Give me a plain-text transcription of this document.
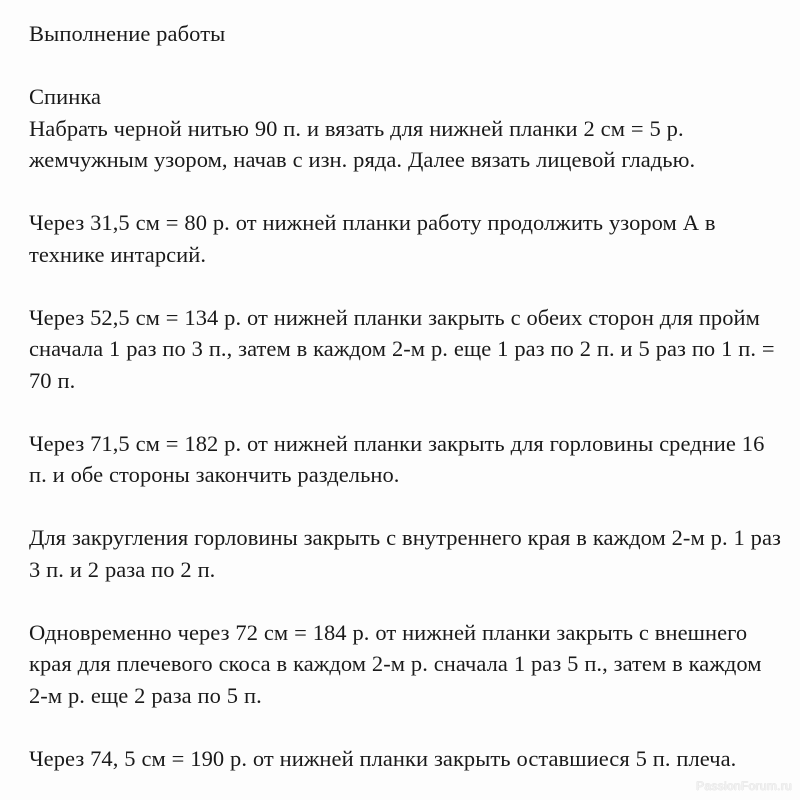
Выполнение работы

Спинка

Набрать черной нитью 90 п. и вязать для нижней планки 2 см = 5 р. жемчужным узором, начав с изн. ряда. Далее вязать лицевой гладью.

Через 31,5 см = 80 р. от нижней планки работу продолжить узором А в технике интарсий.

Через 52,5 см = 134 р. от нижней планки закрыть с обеих сторон для пройм сначала 1 раз по 3 п., затем в каждом 2-м р. еще 1 раз по 2 п. и 5 раз по 1 п. = 70 п.

Через 71,5 см = 182 р. от нижней планки закрыть для горловины средние 16 п. и обе стороны закончить раздельно.

Для закругления горловины закрыть с внутреннего края в каждом 2-м р. 1 раз 3 п. и 2 раза по 2 п.

Одновременно через 72 см = 184 р. от нижней планки закрыть с внешнего края для плечевого скоса в каждом 2-м р. сначала 1 раз 5 п., затем в каждом 2-м р. еще 2 раза по 5 п.

Через 74, 5 см = 190 р. от нижней планки закрыть оставшиеся 5 п. плеча.

PassionForum.ru
